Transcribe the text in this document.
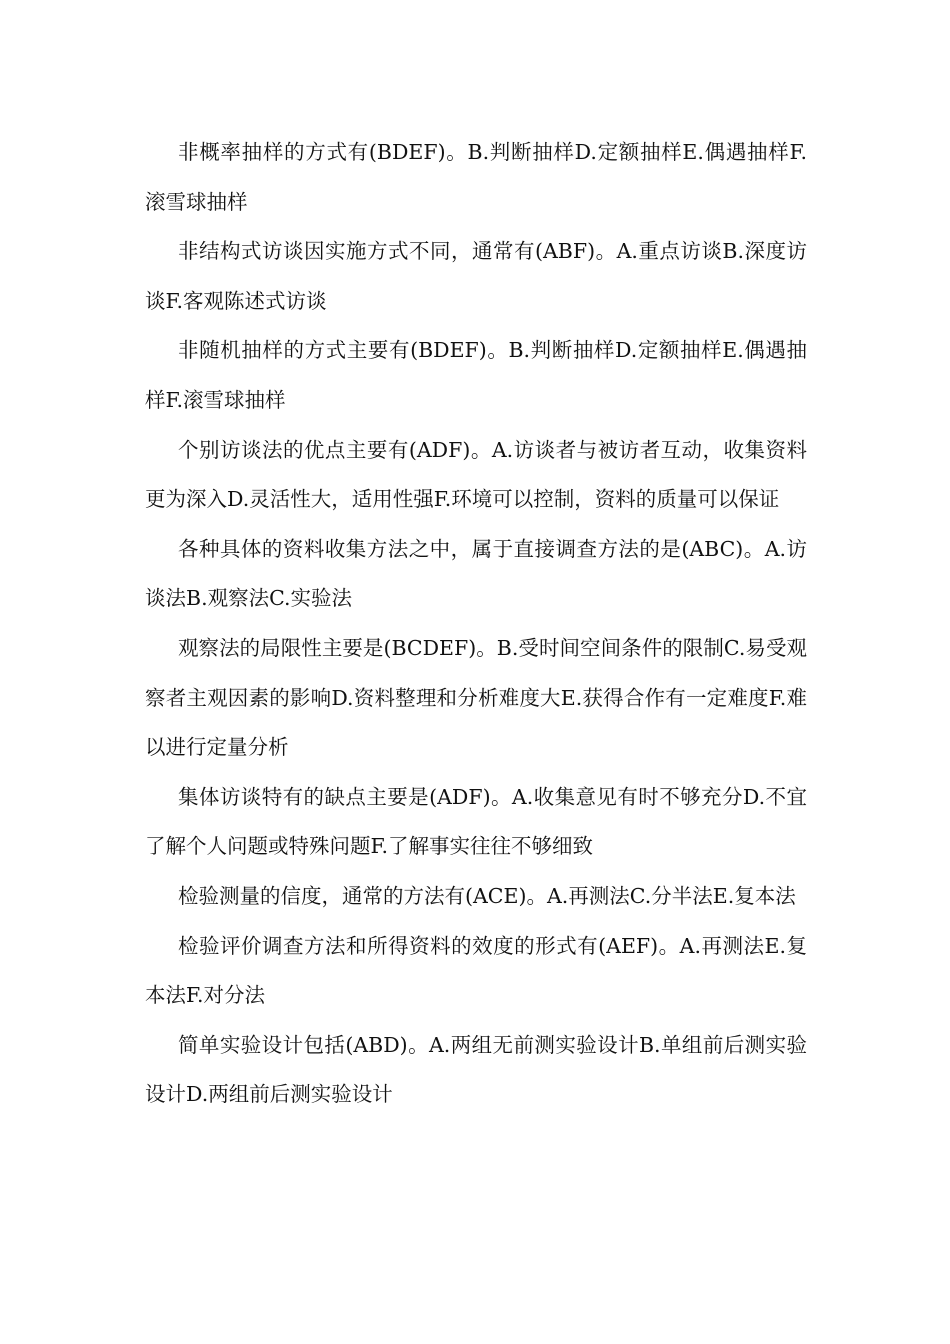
非概率抽样的方式有(BDEF)。B.判断抽样D.定额抽样E.偶遇抽样F.滚雪球抽样

非结构式访谈因实施方式不同，通常有(ABF)。A.重点访谈B.深度访谈F.客观陈述式访谈

非随机抽样的方式主要有(BDEF)。B.判断抽样D.定额抽样E.偶遇抽样F.滚雪球抽样

个别访谈法的优点主要有(ADF)。A.访谈者与被访者互动，收集资料更为深入D.灵活性大，适用性强F.环境可以控制，资料的质量可以保证

各种具体的资料收集方法之中，属于直接调查方法的是(ABC)。A.访谈法B.观察法C.实验法

观察法的局限性主要是(BCDEF)。B.受时间空间条件的限制C.易受观察者主观因素的影响D.资料整理和分析难度大E.获得合作有一定难度F.难以进行定量分析

集体访谈特有的缺点主要是(ADF)。A.收集意见有时不够充分D.不宜了解个人问题或特殊问题F.了解事实往往不够细致

检验测量的信度，通常的方法有(ACE)。A.再测法C.分半法E.复本法

检验评价调查方法和所得资料的效度的形式有(AEF)。A.再测法E.复本法F.对分法

简单实验设计包括(ABD)。A.两组无前测实验设计B.单组前后测实验设计D.两组前后测实验设计
